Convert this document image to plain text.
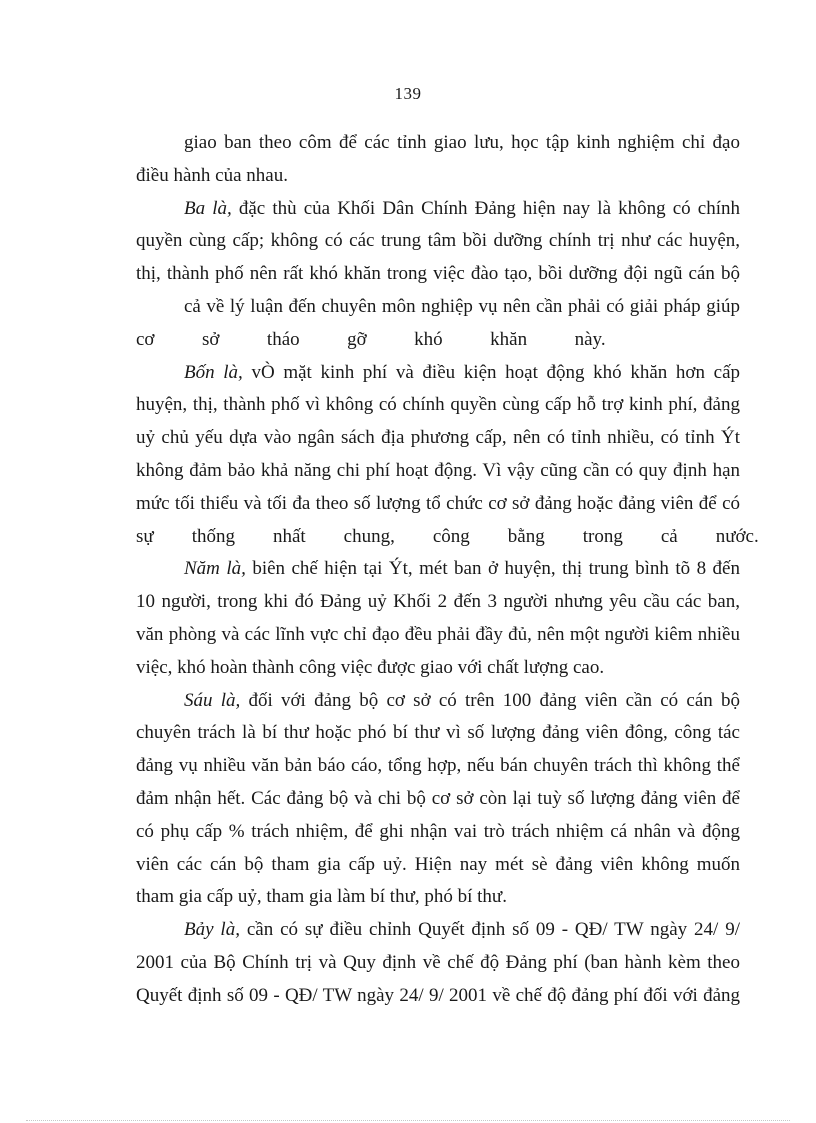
139
giao ban theo côm để các tỉnh giao lưu, học tập kinh nghiệm chỉ đạo
điều hành của nhau.
Ba là, đặc thù của Khối Dân Chính Đảng hiện nay là không có chính
quyền cùng cấp; không có các trung tâm bồi dưỡng chính trị như các huyện,
thị, thành phố nên rất khó khăn trong việc đào tạo, bồi dưỡng đội ngũ cán bộ
cả về lý luận đến chuyên môn nghiệp vụ nên cần phải có giải pháp giúp
cơ          sở          tháo          gỡ          khó          khăn          này.
Bốn là, vÒ mặt kinh phí và điều kiện hoạt động khó khăn hơn cấp
huyện, thị, thành phố vì không có chính quyền cùng cấp hỗ trợ kinh phí, đảng
uỷ chủ yếu dựa vào ngân sách địa phương cấp, nên có tỉnh nhiều, có tỉnh Ýt
không đảm bảo khả năng chi phí hoạt động. Vì vậy cũng cần có quy định hạn
mức tối thiểu và tối đa theo số lượng tổ chức cơ sở đảng hoặc đảng viên để có
sự        thống        nhất        chung,        công        bằng        trong        cả        nước.
Năm là, biên chế hiện tại Ýt, mét ban ở huyện, thị trung bình tõ 8 đến
10 người, trong khi đó Đảng uỷ Khối 2 đến 3 người nhưng yêu cầu các ban,
văn phòng và các lĩnh vực chỉ đạo đều phải đầy đủ, nên một người kiêm nhiều
việc, khó hoàn thành công việc được giao với chất lượng cao.
Sáu là, đối với đảng bộ cơ sở có trên 100 đảng viên cần có cán bộ
chuyên trách là bí thư hoặc phó bí thư vì số lượng đảng viên đông, công tác
đảng vụ nhiều văn bản báo cáo, tổng hợp, nếu bán chuyên trách thì không thể
đảm nhận hết. Các đảng bộ và chi bộ cơ sở còn lại tuỳ số lượng đảng viên để
có phụ cấp % trách nhiệm, để ghi nhận vai trò trách nhiệm cá nhân và động
viên các cán bộ tham gia cấp uỷ. Hiện nay mét sè đảng viên không muốn
tham gia cấp uỷ, tham gia làm bí thư, phó bí thư.
Bảy là, cần có sự điều chỉnh Quyết định số 09 - QĐ/ TW ngày 24/ 9/
2001 của Bộ Chính trị và Quy định về chế độ Đảng phí (ban hành kèm theo
Quyết định số 09 - QĐ/ TW ngày 24/ 9/ 2001 về chế độ đảng phí đối với đảng
